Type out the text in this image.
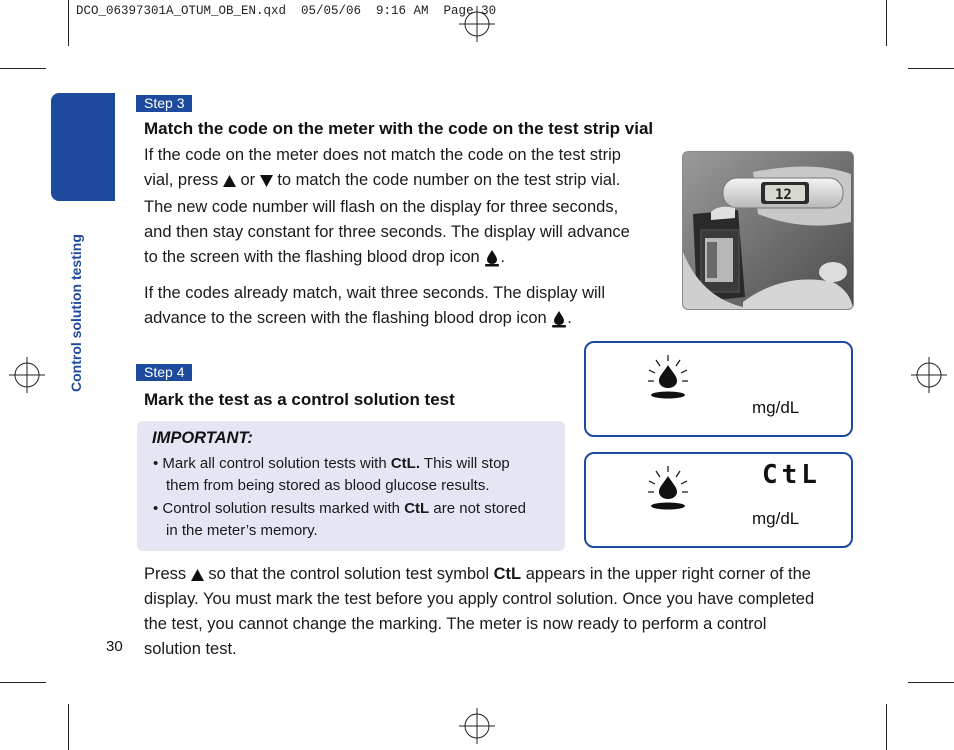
DCO_06397301A_OTUM_OB_EN.qxd  05/05/06  9:16 AM  Page 30
Control solution testing
Step 3
Match the code on the meter with the code on the test strip vial
If the code on the meter does not match the code on the test strip
vial, press or to match the code number on the test strip vial.
The new code number will flash on the display for three seconds,
and then stay constant for three seconds. The display will advance
to the screen with the flashing blood drop icon .
If the codes already match, wait three seconds. The display will
advance to the screen with the flashing blood drop icon .
12
Step 4
Mark the test as a control solution test
IMPORTANT:
• Mark all control solution tests with CtL. This will stop
them from being stored as blood glucose results.
• Control solution results marked with CtL are not stored
in the meter’s memory.
mg/dL
CtL
mg/dL
Press so that the control solution test symbol CtL appears in the upper right corner of the
display. You must mark the test before you apply control solution. Once you have completed
the test, you cannot change the marking. The meter is now ready to perform a control
solution test.
30
